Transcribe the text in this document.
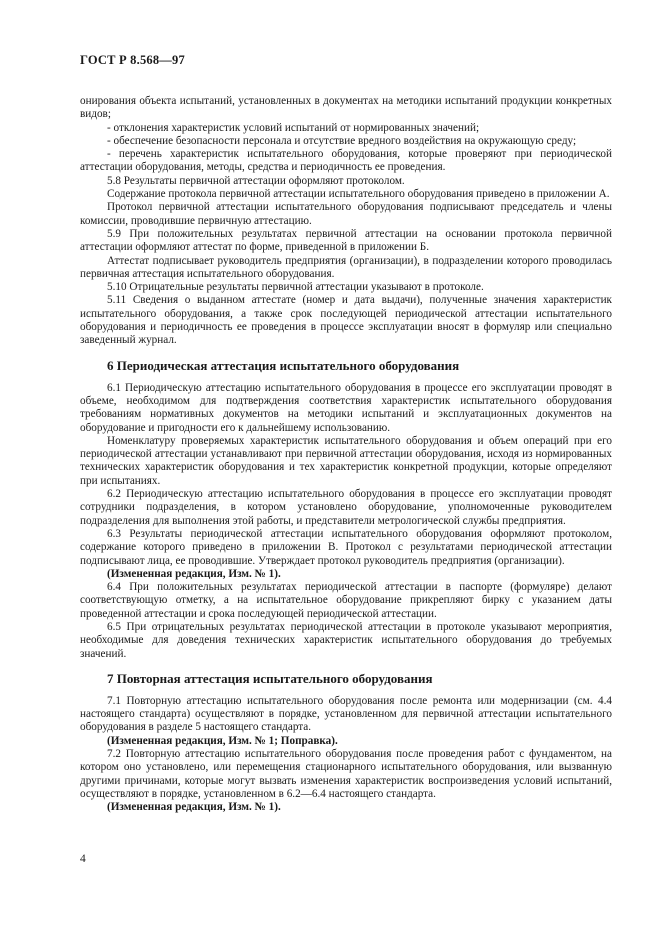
ГОСТ Р 8.568—97

онирования объекта испытаний, установленных в документах на методики испытаний продукции конкретных видов;

- отклонения характеристик условий испытаний от нормированных значений;

- обеспечение безопасности персонала и отсутствие вредного воздействия на окружающую среду;

- перечень характеристик испытательного оборудования, которые проверяют при периодической аттестации оборудования, методы, средства и периодичность ее проведения.

5.8 Результаты первичной аттестации оформляют протоколом.

Содержание протокола первичной аттестации испытательного оборудования приведено в приложении А.

Протокол первичной аттестации испытательного оборудования подписывают председатель и члены комиссии, проводившие первичную аттестацию.

5.9 При положительных результатах первичной аттестации на основании протокола первичной аттестации оформляют аттестат по форме, приведенной в приложении Б.

Аттестат подписывает руководитель предприятия (организации), в подразделении которого проводилась первичная аттестация испытательного оборудования.

5.10 Отрицательные результаты первичной аттестации указывают в протоколе.

5.11 Сведения о выданном аттестате (номер и дата выдачи), полученные значения характеристик испытательного оборудования, а также срок последующей периодической аттестации испытательного оборудования и периодичность ее проведения в процессе эксплуатации вносят в формуляр или специально заведенный журнал.

6 Периодическая аттестация испытательного оборудования

6.1 Периодическую аттестацию испытательного оборудования в процессе его эксплуатации проводят в объеме, необходимом для подтверждения соответствия характеристик испытательного оборудования требованиям нормативных документов на методики испытаний и эксплуатационных документов на оборудование и пригодности его к дальнейшему использованию.

Номенклатуру проверяемых характеристик испытательного оборудования и объем операций при его периодической аттестации устанавливают при первичной аттестации оборудования, исходя из нормированных технических характеристик оборудования и тех характеристик конкретной продукции, которые определяют при испытаниях.

6.2 Периодическую аттестацию испытательного оборудования в процессе его эксплуатации проводят сотрудники подразделения, в котором установлено оборудование, уполномоченные руководителем подразделения для выполнения этой работы, и представители метрологической службы предприятия.

6.3 Результаты периодической аттестации испытательного оборудования оформляют протоколом, содержание которого приведено в приложении В. Протокол с результатами периодической аттестации подписывают лица, ее проводившие. Утверждает протокол руководитель предприятия (организации).

(Измененная редакция, Изм. № 1).

6.4 При положительных результатах периодической аттестации в паспорте (формуляре) делают соответствующую отметку, а на испытательное оборудование прикрепляют бирку с указанием даты проведенной аттестации и срока последующей периодической аттестации.

6.5 При отрицательных результатах периодической аттестации в протоколе указывают мероприятия, необходимые для доведения технических характеристик испытательного оборудования до требуемых значений.

7 Повторная аттестация испытательного оборудования

7.1 Повторную аттестацию испытательного оборудования после ремонта или модернизации (см. 4.4 настоящего стандарта) осуществляют в порядке, установленном для первичной аттестации испытательного оборудования в разделе 5 настоящего стандарта.

(Измененная редакция, Изм. № 1; Поправка).

7.2 Повторную аттестацию испытательного оборудования после проведения работ с фундаментом, на котором оно установлено, или перемещения стационарного испытательного оборудования, или вызванную другими причинами, которые могут вызвать изменения характеристик воспроизведения условий испытаний, осуществляют в порядке, установленном в 6.2—6.4 настоящего стандарта.

(Измененная редакция, Изм. № 1).

4
